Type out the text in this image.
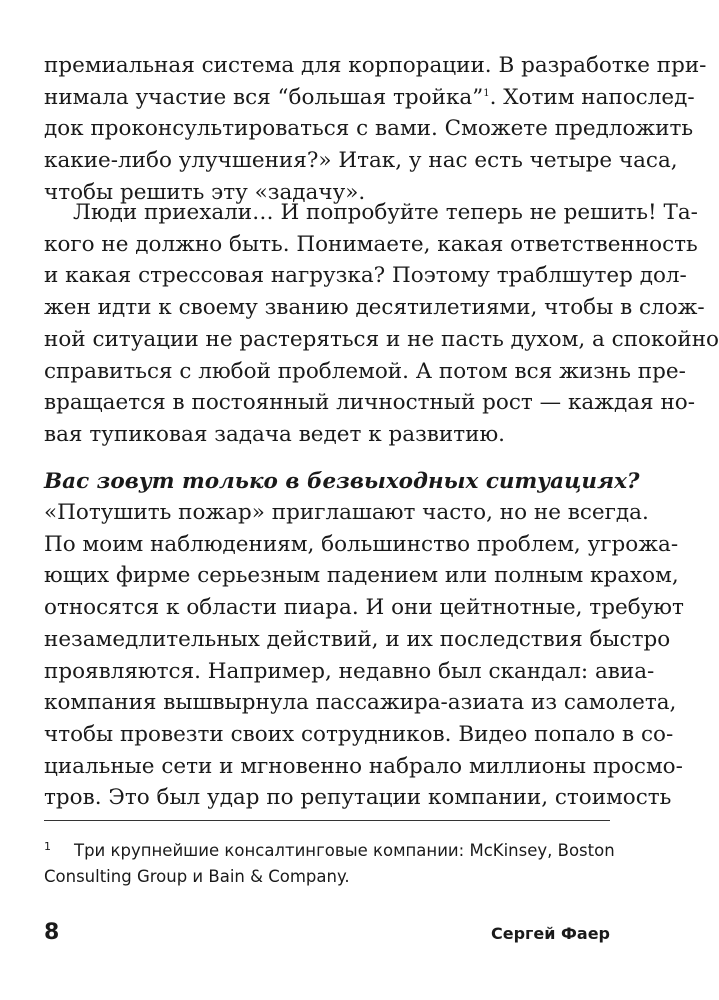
премиальная система для корпорации. В разработке при-
нимала участие вся “большая тройка”$^1$. Хотим напослед-
док проконсультироваться с вами. Сможете предложить
какие-либо улучшения?» Итак, у нас есть четыре часа,
чтобы решить эту «задачу».
Люди приехали… И попробуйте теперь не решить! Та-
кого не должно быть. Понимаете, какая ответственность
и какая стрессовая нагрузка? Поэтому траблшутер дол-
жен идти к своему званию десятилетиями, чтобы в слож-
ной ситуации не растеряться и не пасть духом, а спокойно
справиться с любой проблемой. А потом вся жизнь пре-
вращается в постоянный личностный рост — каждая но-
вая тупиковая задача ведет к развитию.
Вас зовут только в безвыходных ситуациях?
«Потушить пожар» приглашают часто, но не всегда.
По моим наблюдениям, большинство проблем, угрожа-
ющих фирме серьезным падением или полным крахом,
относятся к области пиара. И они цейтнотные, требуют
незамедлительных действий, и их последствия быстро
проявляются. Например, недавно был скандал: авиа-
компания вышвырнула пассажира-азиата из самолета,
чтобы провезти своих сотрудников. Видео попало в со-
циальные сети и мгновенно набрало миллионы просмо-
тров. Это был удар по репутации компании, стоимость
1 Три крупнейшие консалтинговые компании: McKinsey, Boston
Consulting Group и Bain & Company.
8	Сергей Фаер
